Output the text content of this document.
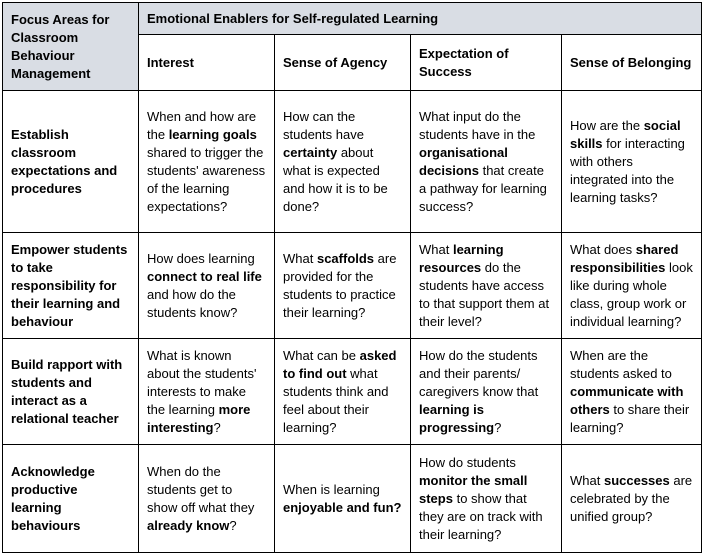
Focus Areas for Classroom Behaviour Management	Emotional Enablers for Self-regulated Learning			
	Interest	Sense of Agency	Expectation of Success	Sense of Belonging
Establish classroom expectations and procedures	When and how are the learning goals shared to trigger the students' awareness of the learning expectations?	How can the students have certainty about what is expected and how it is to be done?	What input do the students have in the organisational decisions that create a pathway for learning success?	How are the social skills for interacting with others integrated into the learning tasks?
Empower students to take responsibility for their learning and behaviour	How does learning connect to real life and how do the students know?	What scaffolds are provided for the students to practice their learning?	What learning resources do the students have access to that support them at their level?	What does shared responsibilities look like during whole class, group work or individual learning?
Build rapport with students and interact as a relational teacher	What is known about the students' interests to make the learning more interesting?	What can be asked to find out what students think and feel about their learning?	How do the students and their parents/ caregivers know that learning is progressing?	When are the students asked to communicate with others to share their learning?
Acknowledge productive learning behaviours	When do the students get to show off what they already know?	When is learning enjoyable and fun?	How do students monitor the small steps to show that they are on track with their learning?	What successes are celebrated by the unified group?
